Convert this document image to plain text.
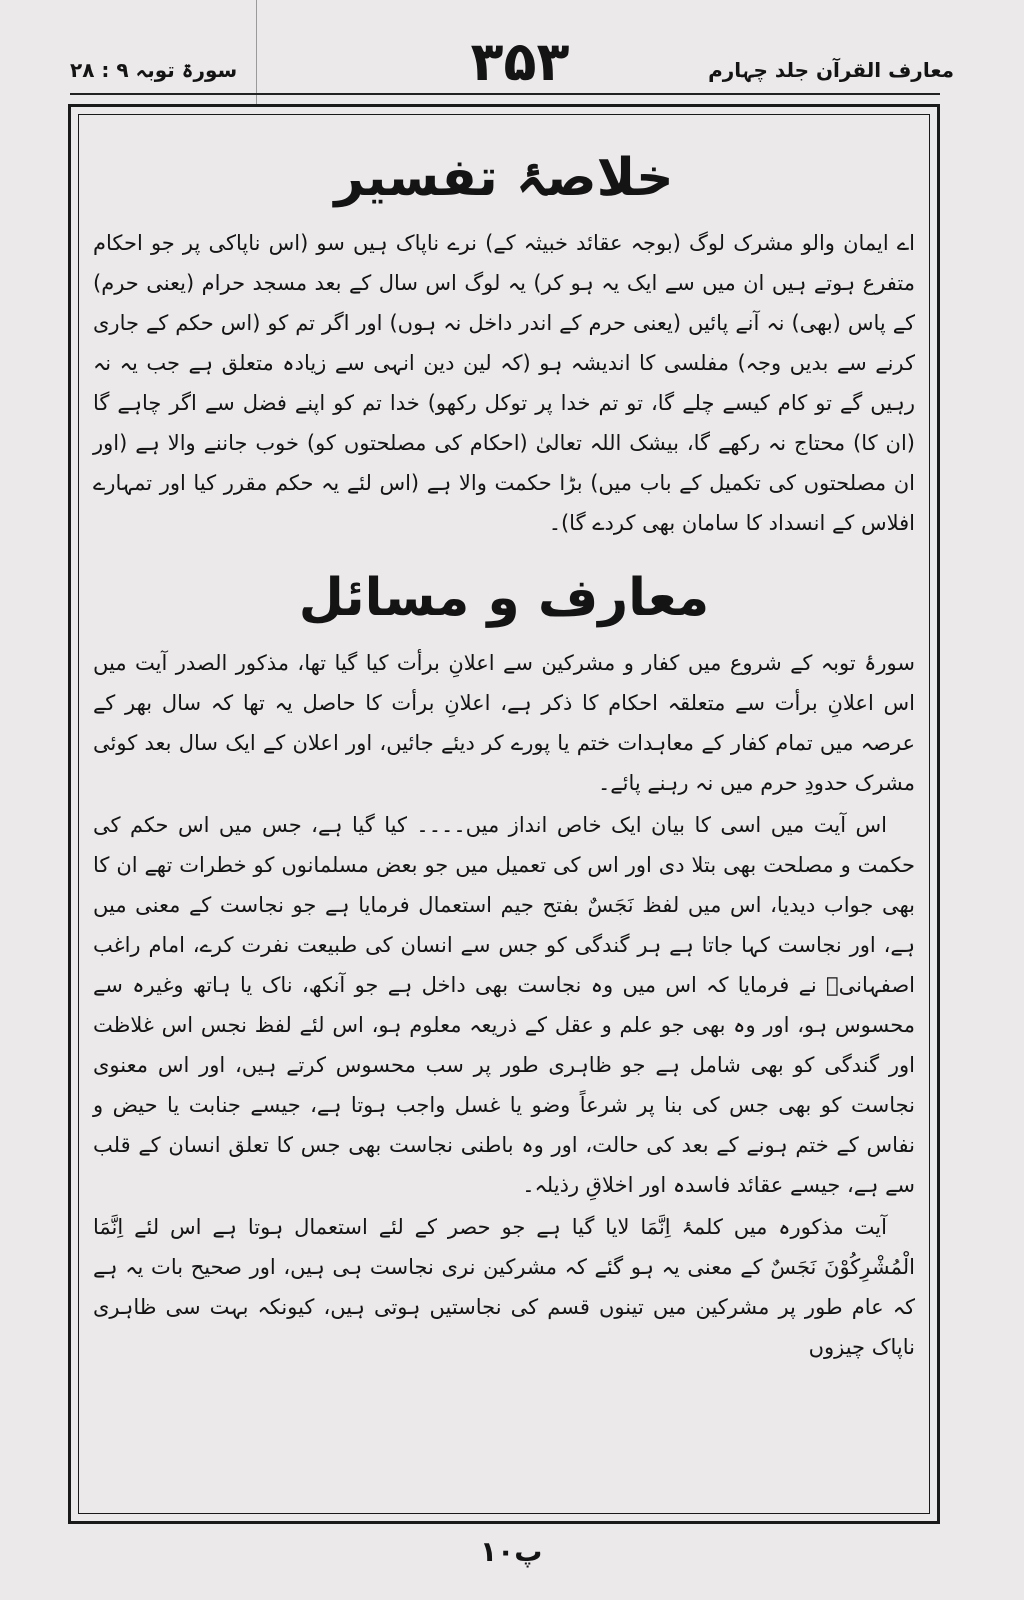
معارف القرآن جلد چہارم
۳۵۳
سورۃ توبہ ۹ : ۲۸
خلاصۂ تفسیر

اے ایمان والو مشرک لوگ (بوجہ عقائد خبیثہ کے) نرے ناپاک ہیں سو (اس ناپاکی پر جو احکام متفرع ہوتے ہیں ان میں سے ایک یہ ہو کر) یہ لوگ اس سال کے بعد مسجد حرام (یعنی حرم) کے پاس (بھی) نہ آنے پائیں (یعنی حرم کے اندر داخل نہ ہوں) اور اگر تم کو (اس حکم کے جاری کرنے سے بدیں وجہ) مفلسی کا اندیشہ ہو (کہ لین دین انہی سے زیادہ متعلق ہے جب یہ نہ رہیں گے تو کام کیسے چلے گا، تو تم خدا پر توکل رکھو) خدا تم کو اپنے فضل سے اگر چاہے گا (ان کا) محتاج نہ رکھے گا، بیشک اللہ تعالیٰ (احکام کی مصلحتوں کو) خوب جاننے والا ہے (اور ان مصلحتوں کی تکمیل کے باب میں) بڑا حکمت والا ہے (اس لئے یہ حکم مقرر کیا اور تمہارے افلاس کے انسداد کا سامان بھی کردے گا)۔

معارف و مسائل

سورۂ توبہ کے شروع میں کفار و مشرکین سے اعلانِ برأت کیا گیا تھا، مذکور الصدر آیت میں اس اعلانِ برأت سے متعلقہ احکام کا ذکر ہے، اعلانِ برأت کا حاصل یہ تھا کہ سال بھر کے عرصہ میں تمام کفار کے معاہدات ختم یا پورے کر دیئے جائیں، اور اعلان کے ایک سال بعد کوئی مشرک حدودِ حرم میں نہ رہنے پائے۔

اس آیت میں اسی کا بیان ایک خاص انداز میں۔۔۔۔ کیا گیا ہے، جس میں اس حکم کی حکمت و مصلحت بھی بتلا دی اور اس کی تعمیل میں جو بعض مسلمانوں کو خطرات تھے ان کا بھی جواب دیدیا، اس میں لفظ نَجَسٌ بفتح جیم استعمال فرمایا ہے جو نجاست کے معنی میں ہے، اور نجاست کہا جاتا ہے ہر گندگی کو جس سے انسان کی طبیعت نفرت کرے، امام راغب اصفہانیؒ نے فرمایا کہ اس میں وہ نجاست بھی داخل ہے جو آنکھ، ناک یا ہاتھ وغیرہ سے محسوس ہو، اور وہ بھی جو علم و عقل کے ذریعہ معلوم ہو، اس لئے لفظ نجس اس غلاظت اور گندگی کو بھی شامل ہے جو ظاہری طور پر سب محسوس کرتے ہیں، اور اس معنوی نجاست کو بھی جس کی بنا پر شرعاً وضو یا غسل واجب ہوتا ہے، جیسے جنابت یا حیض و نفاس کے ختم ہونے کے بعد کی حالت، اور وہ باطنی نجاست بھی جس کا تعلق انسان کے قلب سے ہے، جیسے عقائد فاسدہ اور اخلاقِ رذیلہ۔

آیت مذکورہ میں کلمۂ اِنَّمَا لایا گیا ہے جو حصر کے لئے استعمال ہوتا ہے اس لئے اِنَّمَا الْمُشْرِكُوْنَ نَجَسٌ کے معنی یہ ہو گئے کہ مشرکین نری نجاست ہی ہیں، اور صحیح بات یہ ہے کہ عام طور پر مشرکین میں تینوں قسم کی نجاستیں ہوتی ہیں، کیونکہ بہت سی ظاہری ناپاک چیزوں

پ۱۰
